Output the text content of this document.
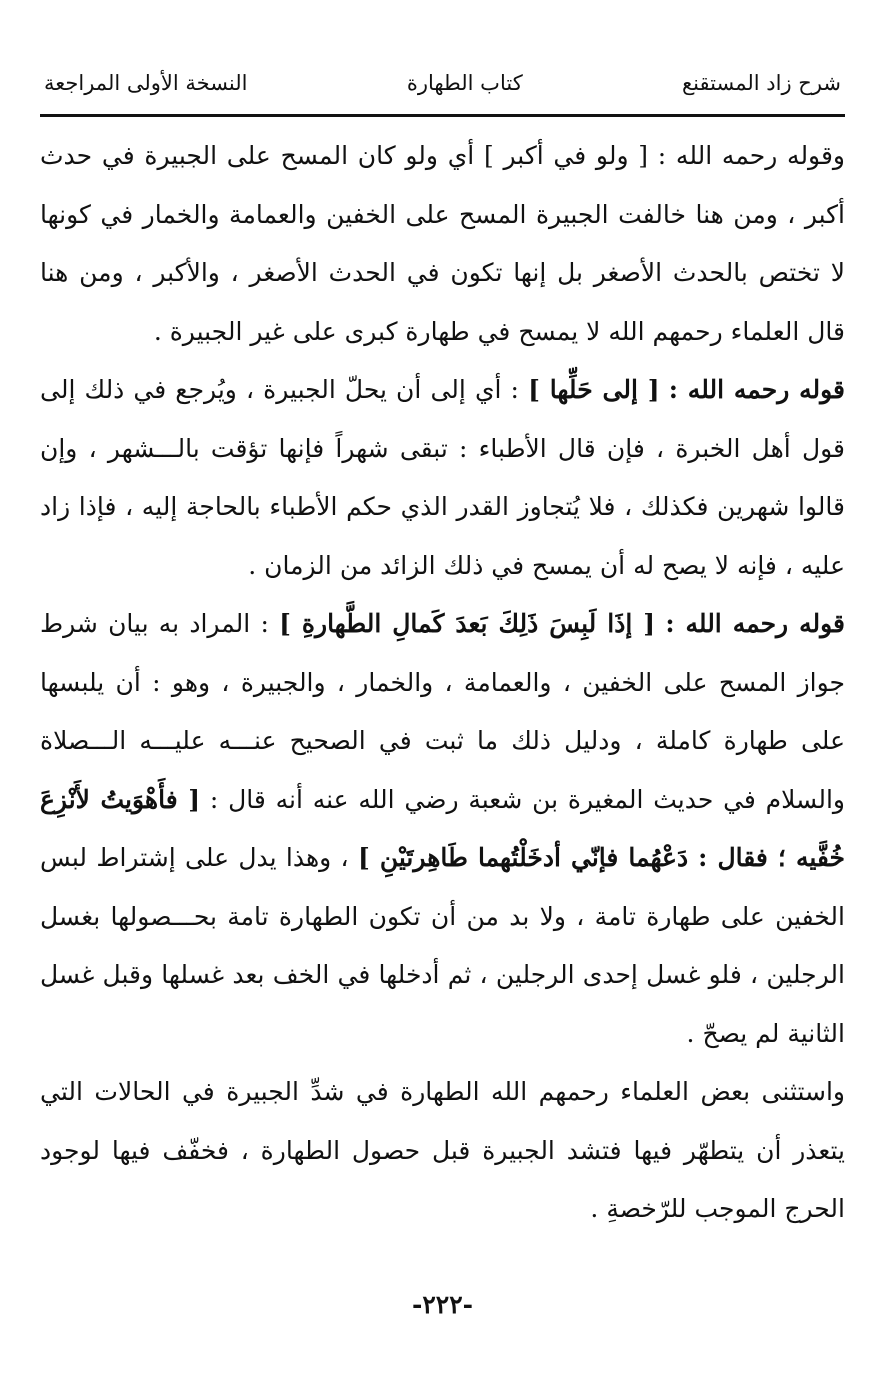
شرح زاد المستقنع
كتاب الطهارة
النسخة الأولى المراجعة

وقوله رحمه الله : [ ولو في أكبر ] أي ولو كان المسح على الجبيرة في حدث أكبر ، ومن هنا خالفت الجبيرة المسح على الخفين والعمامة والخمار في كونها لا تختص بالحدث الأصغر بل إنها تكون في الحدث الأصغر ، والأكبر ، ومن هنا قال العلماء رحمهم الله لا يمسح في طهارة كبرى على غير الجبيرة .

قوله رحمه الله : [ إلى حَلِّها ] : أي إلى أن يحلّ الجبيرة ، ويُرجع في ذلك إلى قول أهل الخبرة ، فإن قال الأطباء : تبقى شهراً فإنها تؤقت بالـــشهر ، وإن قالوا شهرين فكذلك ، فلا يُتجاوز القدر الذي حكم الأطباء بالحاجة إليه ، فإذا زاد عليه ، فإنه لا يصح له أن يمسح في ذلك الزائد من الزمان .

قوله رحمه الله : [ إذَا لَبِسَ ذَلِكَ بَعدَ كَمالِ الطَّهارةِ ] : المراد به بيان شرط جواز المسح على الخفين ، والعمامة ، والخمار ، والجبيرة ، وهو : أن يلبسها على طهارة كاملة ، ودليل ذلك ما ثبت في الصحيح عنـــه عليـــه الـــصلاة والسلام في حديث المغيرة بن شعبة رضي الله عنه أنه قال : [ فأَهْوَيتُ لأَنْزِعَ خُفَّيه ؛ فقال : دَعْهُما فإنّي أدخَلْتُهما طَاهِرتَيْنِ ] ، وهذا يدل على إشتراط لبس الخفين على طهارة تامة ، ولا بد من أن تكون الطهارة تامة بحـــصولها بغسل الرجلين ، فلو غسل إحدى الرجلين ، ثم أدخلها في الخف بعد غسلها وقبل غسل الثانية لم يصحّ .

واستثنى بعض العلماء رحمهم الله الطهارة في شدِّ الجبيرة في الحالات التي يتعذر أن يتطهّر فيها فتشد الجبيرة قبل حصول الطهارة ، فخفّف فيها لوجود الحرج الموجب للرّخصةِ .

-٢٢٢-
